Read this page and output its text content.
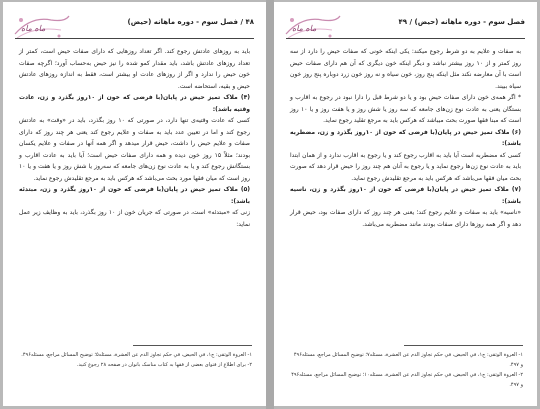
ماه ماه
فصل سوم - دوره ماهانه (حیض) / ۴۹

به صفات و علایم به دو شرط رجوع میکند: یکی اینکه خونی که صفات حیض را دارد از سه روز کمتر و از ۱۰ روز بیشتر نباشد و دیگر اینکه خون دیگری که آن هم دارای صفات حیض است با آن معارضه نکند مثل اینکه پنج روز، خون سیاه و نه روز خون زرد دوباره پنج روز خون سیاه ببیند.

* اگر همه‌ی خون دارای صفات حیض بود و یا دو شرط قبل را دارا نبود در رجوع به اقارب و بستگان یعنی به عادت نوع زن‌های جامعه که سه روز یا شش روز و یا هفت روز و یا ۱۰ روز است که مبنا فقها صورت بحث میباشد که هرکس باید به مرجع تقلید رجوع نماید.

(۶) ملاک تمیز حیض در پایان(با فرضی که خون از ۱۰روز بگذرد و زن، مضطربه باشد):

کسی که مضطربه است آیا باید به اقارب رجوع کند و یا رجوع به اقارب ندارد و از همان ابتدا باید به عادت نوع زن‌ها رجوع نماید و یا رجوع به آنان هم چند روز را حیض قرار دهد که صورت بحث میان فقها می‌باشد که هرکس باید به مرجع تقلیدش رجوع نماید.

(۷) ملاک تمیز حیض در پایان(با فرضی که خون از ۱۰روز بگذرد و زن، ناسیه باشد):

«ناسیه» باید به صفات و علایم رجوع کند؛ یعنی هر چند روز که دارای صفات بود، حیض قرار دهد و اگر همه روزها دارای صفات بودند مانند مضطربه می‌باشد.

۱- العروة الوثقى: ج۱، في الحيض، في حكم تجاوز الدم عن العشرة، مسئله۷؛ توضيح المسائل مراجع، مسئله۴۹۶ و ۴۹۷.

۲- العروة الوثقى: ج۱، في الحيض، في حكم تجاوز الدم عن العشرة، مسئله۱۰؛ توضيح المسائل مراجع، مسئله۴۹۶ و ۴۹۷.

ماه ماه
۴۸ / فصل سوم - دوره ماهانه (حیض)

باید به روزهای عادتش رجوع کند. اگر تعداد روزهایی که دارای صفات حیض است، کمتر از تعداد روزهای عادتش باشد، باید مقدار کمو شده را نیز حیض به‌حساب آورد؛ اگرچه صفات خون حیض را ندارد و اگر از روزهای عادت او بیشتر است، فقط به اندازه روزهای عادتش حیض و بقیه، استحاضه است.

(۴) ملاک تمیز حیض در پایان(با فرضی که خون از ۱۰روز بگذرد و زن، عادت وقتیه باشد):

کسی که عادت وقتیه‌ی تنها دارد، در صورتی که ۱۰ روز بگذرد، باید در «وقت» به عادتش رجوع کند و اما در تعیین عدد باید به صفات و علایم رجوع کند یعنی هر چند روز که دارای صفات و علایم حیض را داشت، حیض قرار میدهد و اگر همه آنها در صفات و علایم یکسان بودند؛ مثلاً ۱۵ روز خون دیده و همه دارای صفات حیض است؛ آیا باید به عادت اقارب و بستگانش رجوع کند و یا به عادت نوع زن‌های جامعه که سه‌روز یا شش روز و یا هفت و یا ۱۰ روز است که میان فقها مورد بحث می‌باشد که هرکس باید به مرجع تقلیدش رجوع نماید.

(۵) ملاک تمیز حیض در پایان(با فرضی که خون از ۱۰روز بگذرد و زن، مبتدئه باشد):

زنی که «مبتدئه» است، در صورتی که جریان خون از ۱۰ روز بگذرد، باید به وظایف زیر عمل نماید:

۱- العروة الوثقى: ج۱، في الحيض، في حكم تجاوز الدم عن العشرة، مسئله۵؛ توضيح المسائل مراجع، مسئله۴۹۶.

۲- برای اطلاع از فتوای بعضی از فقها به کتاب مناسک بانوان در صفحه ۲۸ رجوع کنید.
